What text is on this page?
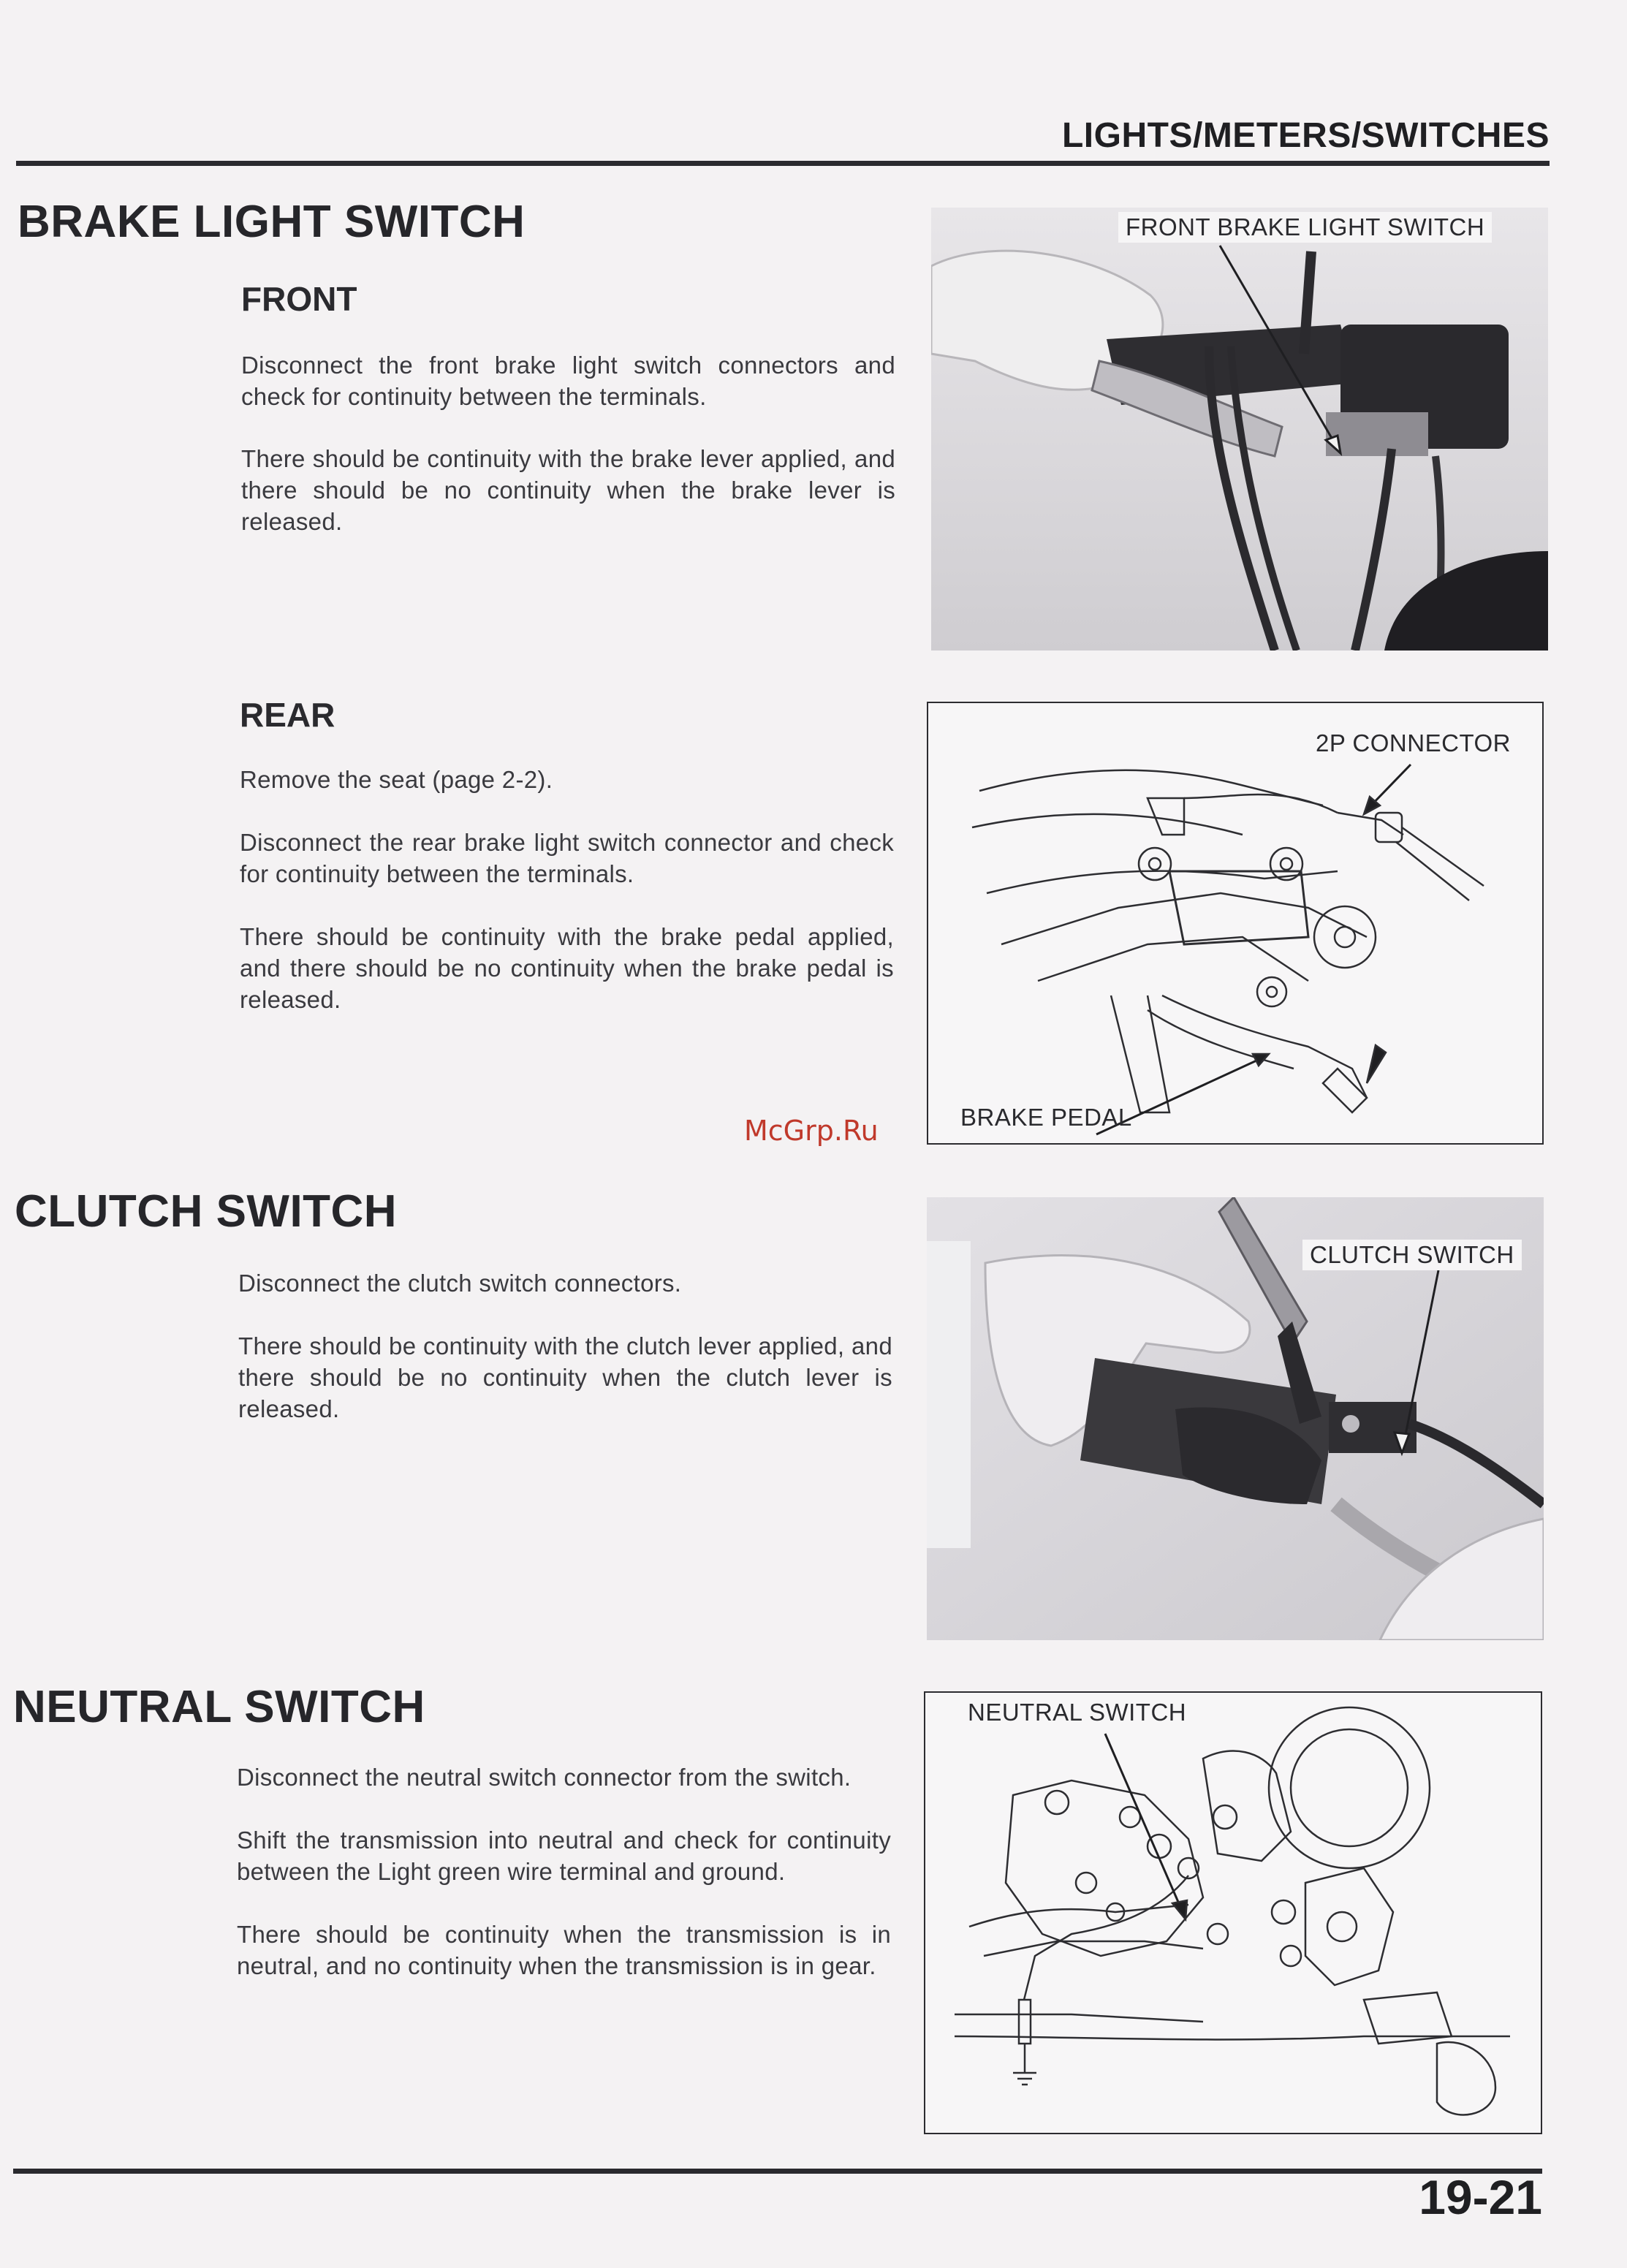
LIGHTS/METERS/SWITCHES
BRAKE LIGHT SWITCH
FRONT

Disconnect the front brake light switch connectors and check for continuity between the terminals.

There should be continuity with the brake lever applied, and there should be no continuity when the brake lever is released.

FRONT BRAKE LIGHT SWITCH
REAR

Remove the seat (page 2-2).

Disconnect the rear brake light switch connector and check for continuity between the terminals.

There should be continuity with the brake pedal applied, and there should be no continuity when the brake pedal is released.

2P CONNECTOR
BRAKE PEDAL
McGrp.Ru
CLUTCH SWITCH

Disconnect the clutch switch connectors.

There should be continuity with the clutch lever applied, and there should be no continuity when the clutch lever is released.

CLUTCH SWITCH
NEUTRAL SWITCH

Disconnect the neutral switch connector from the switch.

Shift the transmission into neutral and check for continuity between the Light green wire terminal and ground.

There should be continuity when the transmission is in neutral, and no continuity when the transmission is in gear.

NEUTRAL SWITCH
19-21
